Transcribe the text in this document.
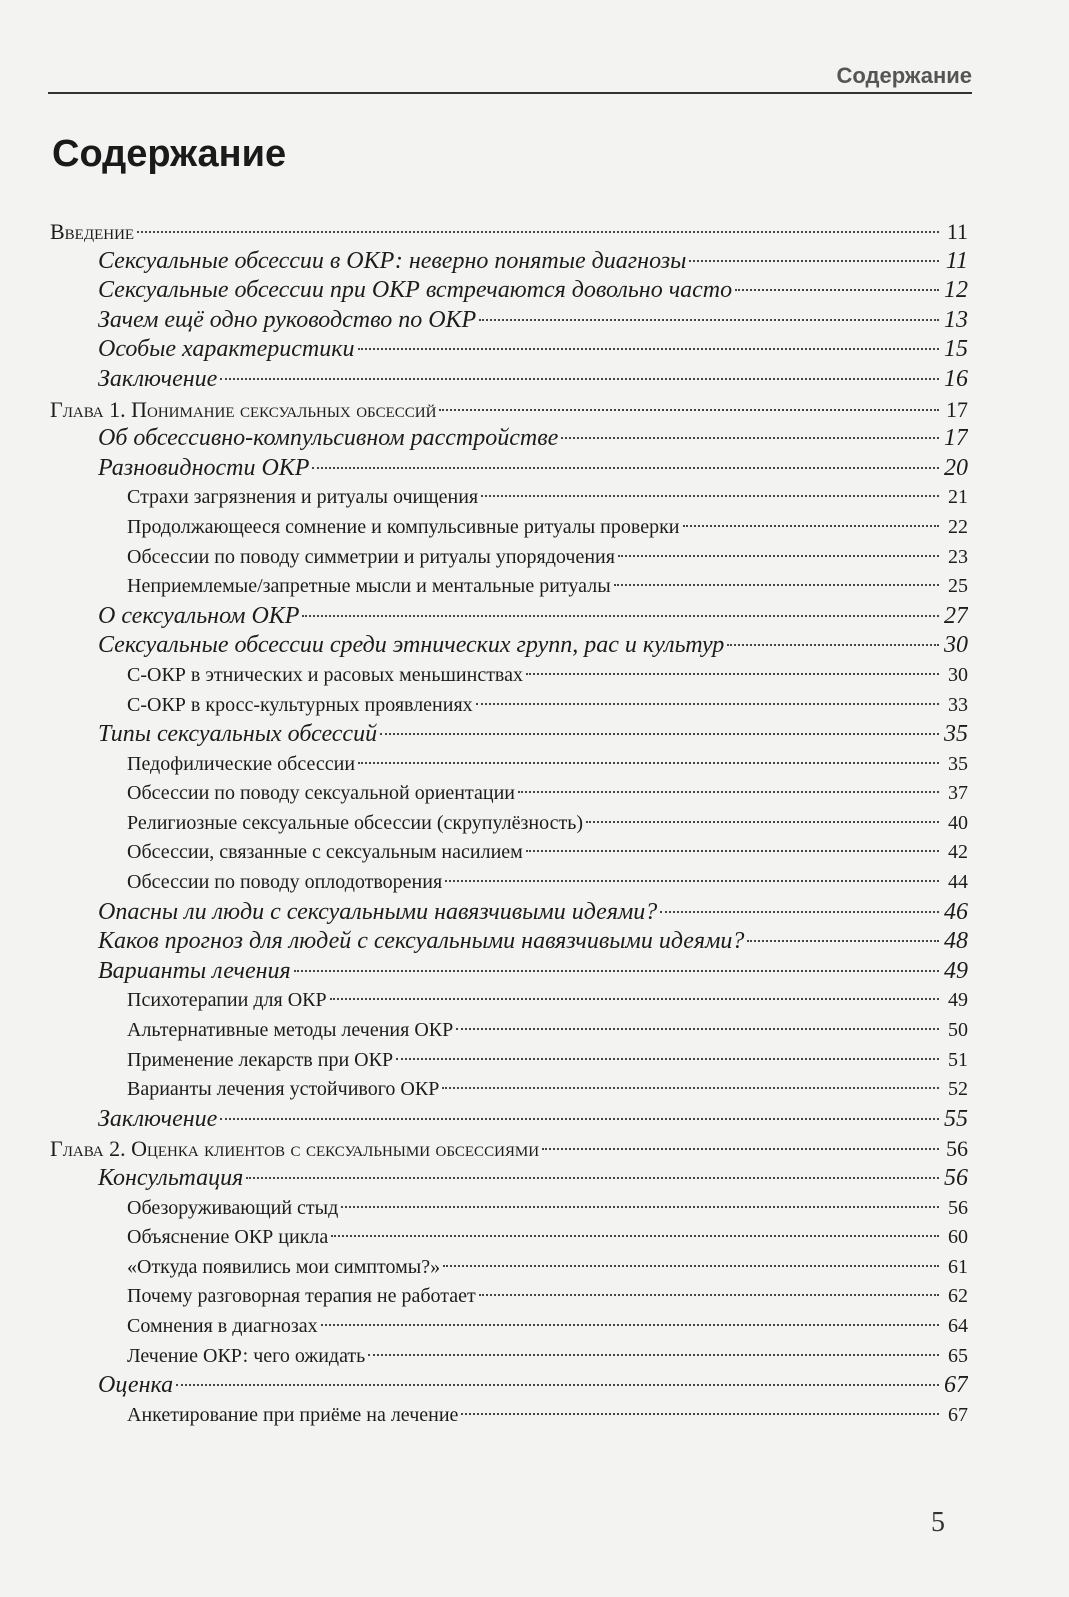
Содержание
Содержание
Введение	11
Сексуальные обсессии в ОКР: неверно понятые диагнозы	11
Сексуальные обсессии при ОКР встречаются довольно часто	12
Зачем ещё одно руководство по ОКР	13
Особые характеристики	15
Заключение	16
Глава 1. Понимание сексуальных обсессий	17
Об обсессивно-компульсивном расстройстве	17
Разновидности ОКР	20
Страхи загрязнения и ритуалы очищения	21
Продолжающееся сомнение и компульсивные ритуалы проверки	22
Обсессии по поводу симметрии и ритуалы упорядочения	23
Неприемлемые/запретные мысли и ментальные ритуалы	25
О сексуальном ОКР	27
Сексуальные обсессии среди этнических групп, рас и культур	30
С-ОКР в этнических и расовых меньшинствах	30
С-ОКР в кросс-культурных проявлениях	33
Типы сексуальных обсессий	35
Педофилические обсессии	35
Обсессии по поводу сексуальной ориентации	37
Религиозные сексуальные обсессии (скрупулёзность)	40
Обсессии, связанные с сексуальным насилием	42
Обсессии по поводу оплодотворения	44
Опасны ли люди с сексуальными навязчивыми идеями?	46
Каков прогноз для людей с сексуальными навязчивыми идеями?	48
Варианты лечения	49
Психотерапии для ОКР	49
Альтернативные методы лечения ОКР	50
Применение лекарств при ОКР	51
Варианты лечения устойчивого ОКР	52
Заключение	55
Глава 2. Оценка клиентов с сексуальными обсессиями	56
Консультация	56
Обезоруживающий стыд	56
Объяснение ОКР цикла	60
«Откуда появились мои симптомы?»	61
Почему разговорная терапия не работает	62
Сомнения в диагнозах	64
Лечение ОКР: чего ожидать	65
Оценка	67
Анкетирование при приёме на лечение	67
5
